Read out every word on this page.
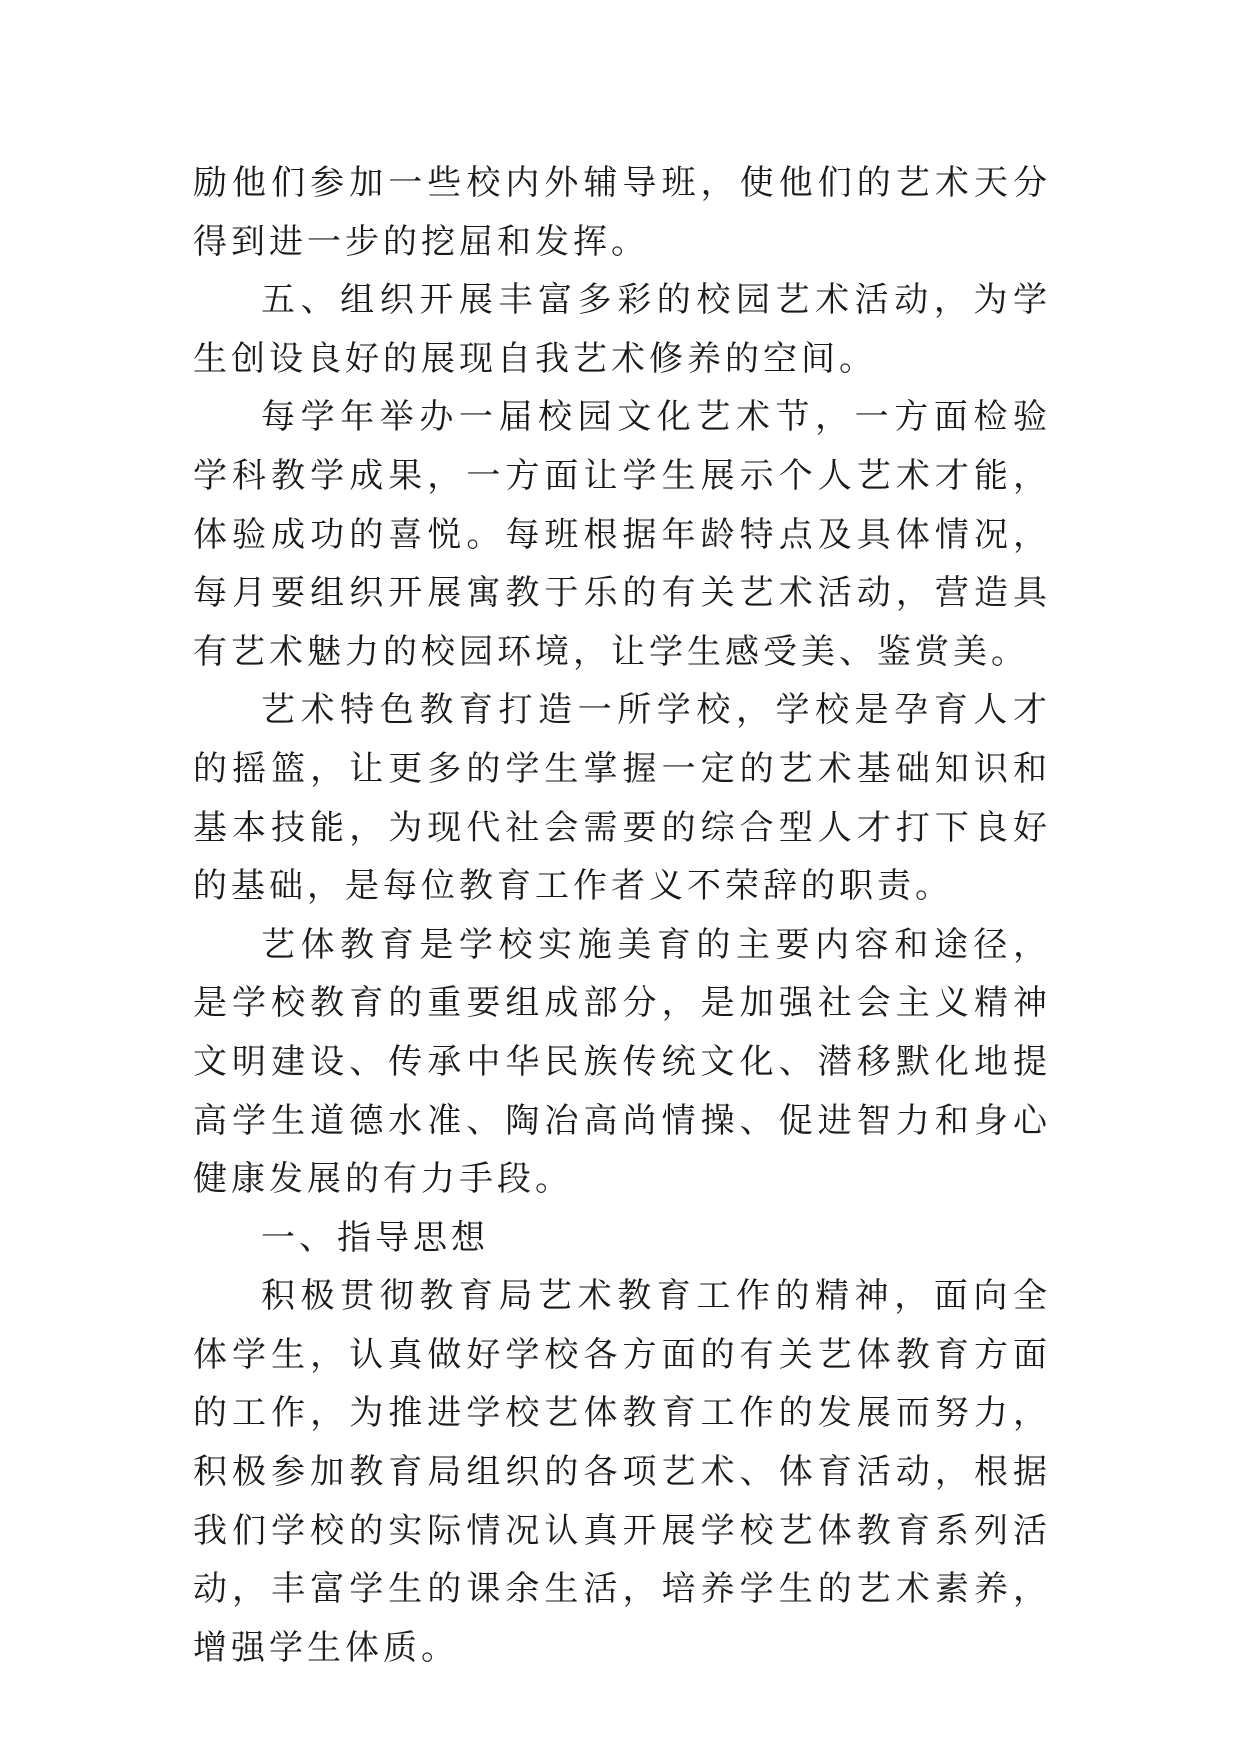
励他们参加一些校内外辅导班，使他们的艺术天分得到进一步的挖屈和发挥。

五、组织开展丰富多彩的校园艺术活动，为学生创设良好的展现自我艺术修养的空间。

每学年举办一届校园文化艺术节，一方面检验学科教学成果，一方面让学生展示个人艺术才能，体验成功的喜悦。每班根据年龄特点及具体情况，每月要组织开展寓教于乐的有关艺术活动，营造具有艺术魅力的校园环境，让学生感受美、鉴赏美。

艺术特色教育打造一所学校，学校是孕育人才的摇篮，让更多的学生掌握一定的艺术基础知识和基本技能，为现代社会需要的综合型人才打下良好的基础，是每位教育工作者义不荣辞的职责。

艺体教育是学校实施美育的主要内容和途径，是学校教育的重要组成部分，是加强社会主义精神文明建设、传承中华民族传统文化、潜移默化地提高学生道德水准、陶冶高尚情操、促进智力和身心健康发展的有力手段。

一、指导思想

积极贯彻教育局艺术教育工作的精神，面向全体学生，认真做好学校各方面的有关艺体教育方面的工作，为推进学校艺体教育工作的发展而努力，积极参加教育局组织的各项艺术、体育活动，根据我们学校的实际情况认真开展学校艺体教育系列活动，丰富学生的课余生活，培养学生的艺术素养，增强学生体质。
